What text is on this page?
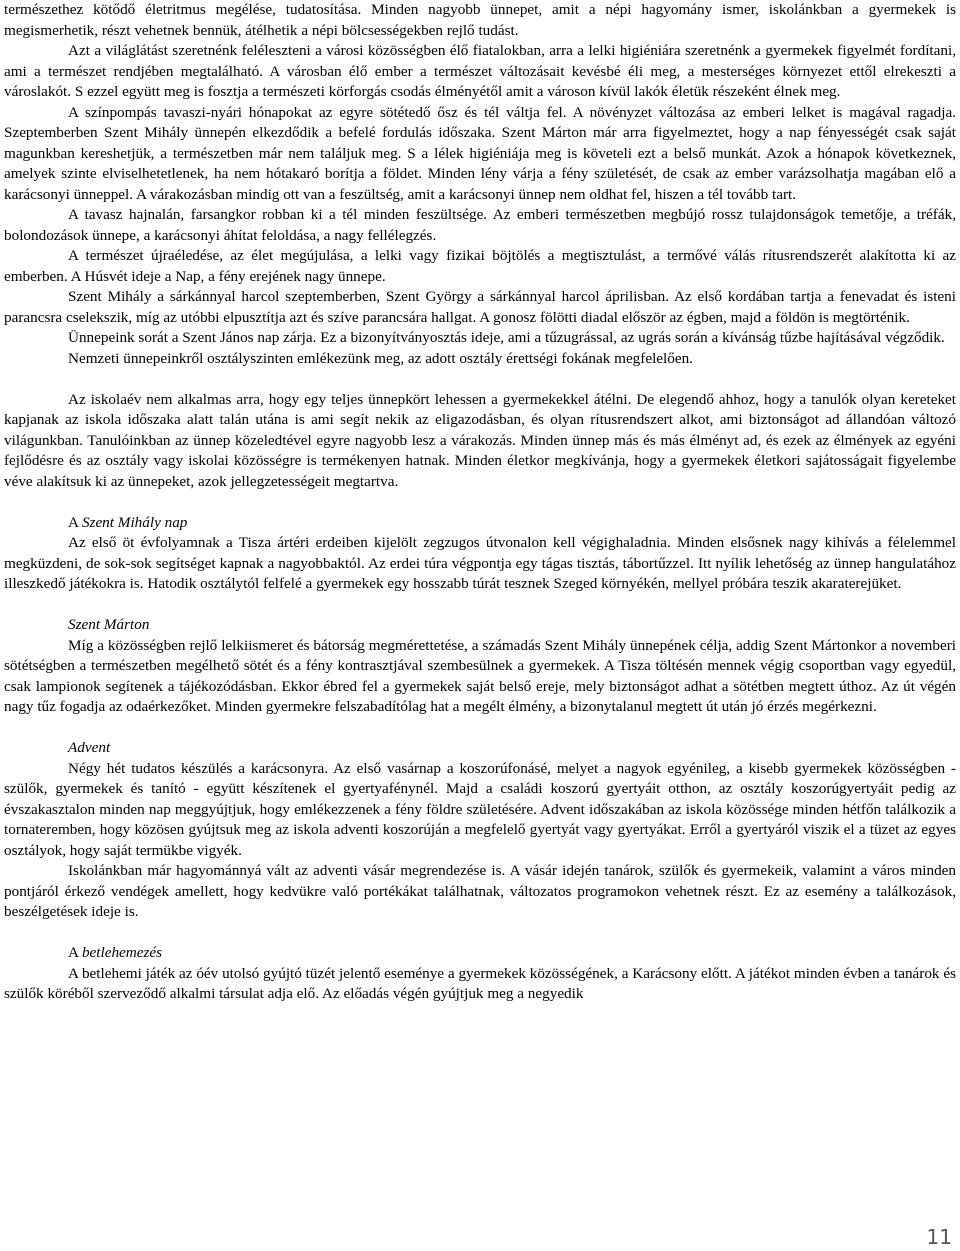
természethez kötődő életritmus megélése, tudatosítása. Minden nagyobb ünnepet, amit a népi hagyomány ismer, iskolánkban a gyermekek is megismerhetik, részt vehetnek bennük, átélhetik a népi bölcsességekben rejlő tudást.

Azt a világlátást szeretnénk feléleszteni a városi közösségben élő fiatalokban, arra a lelki higiéniára szeretnénk a gyermekek figyelmét fordítani, ami a természet rendjében megtalálható. A városban élő ember a természet változásait kevésbé éli meg, a mesterséges környezet ettől elrekeszti a városlakót. S ezzel együtt meg is fosztja a természeti körforgás csodás élményétől amit a városon kívül lakók életük részeként élnek meg.

A színpompás tavaszi-nyári hónapokat az egyre sötétedő ősz és tél váltja fel. A növényzet változása az emberi lelket is magával ragadja. Szeptemberben Szent Mihály ünnepén elkezdődik a befelé fordulás időszaka. Szent Márton már arra figyelmeztet, hogy a nap fényességét csak saját magunkban kereshetjük, a természetben már nem találjuk meg. S a lélek higiéniája meg is követeli ezt a belső munkát. Azok a hónapok következnek, amelyek szinte elviselhetetlenek, ha nem hótakaró borítja a földet. Minden lény várja a fény születését, de csak az ember varázsolhatja magában elő a karácsonyi ünneppel. A várakozásban mindig ott van a feszültség, amit a karácsonyi ünnep nem oldhat fel, hiszen a tél tovább tart.

A tavasz hajnalán, farsangkor robban ki a tél minden feszültsége. Az emberi természetben megbújó rossz tulajdonságok temetője, a tréfák, bolondozások ünnepe, a karácsonyi áhítat feloldása, a nagy fellélegzés.

A természet újraéledése, az élet megújulása, a lelki vagy fizikai böjtölés a megtisztulást, a termővé válás rítusrendszerét alakította ki az emberben. A Húsvét ideje a Nap, a fény erejének nagy ünnepe.

Szent Mihály a sárkánnyal harcol szeptemberben, Szent György a sárkánnyal harcol áprilisban. Az első kordában tartja a fenevadat és isteni parancsra cselekszik, míg az utóbbi elpusztítja azt és szíve parancsára hallgat. A gonosz fölötti diadal először az égben, majd a földön is megtörténik.

Ünnepeink sorát a Szent János nap zárja. Ez a bizonyítványosztás ideje, ami a tűzugrással, az ugrás során a kívánság tűzbe hajításával végződik.

Nemzeti ünnepeinkről osztályszinten emlékezünk meg, az adott osztály érettségi fokának megfelelően.

Az iskolaév nem alkalmas arra, hogy egy teljes ünnepkört lehessen a gyermekekkel átélni. De elegendő ahhoz, hogy a tanulók olyan kereteket kapjanak az iskola időszaka alatt talán utána is ami segít nekik az eligazodásban, és olyan rítusrendszert alkot, ami biztonságot ad állandóan változó világunkban. Tanulóinkban az ünnep közeledtével egyre nagyobb lesz a várakozás. Minden ünnep más és más élményt ad, és ezek az élmények az egyéni fejlődésre és az osztály vagy iskolai közösségre is termékenyen hatnak. Minden életkor megkívánja, hogy a gyermekek életkori sajátosságait figyelembe véve alakítsuk ki az ünnepeket, azok jellegzetességeit megtartva.

A Szent Mihály nap

Az első öt évfolyamnak a Tisza ártéri erdeiben kijelölt zegzugos útvonalon kell végighaladnia. Minden elsősnek nagy kihívás a félelemmel megküzdeni, de sok-sok segítséget kapnak a nagyobbaktól. Az erdei túra végpontja egy tágas tisztás, tábortűzzel. Itt nyílik lehetőség az ünnep hangulatához illeszkedő játékokra is. Hatodik osztálytól felfelé a gyermekek egy hosszabb túrát tesznek Szeged környékén, mellyel próbára teszik akaraterejüket.

Szent Márton

Míg a közösségben rejlő lelkiismeret és bátorság megmérettetése, a számadás Szent Mihály ünnepének célja, addig Szent Mártonkor a novemberi sötétségben a természetben megélhető sötét és a fény kontrasztjával szembesülnek a gyermekek. A Tisza töltésén mennek végig csoportban vagy egyedül, csak lampionok segítenek a tájékozódásban. Ekkor ébred fel a gyermekek saját belső ereje, mely biztonságot adhat a sötétben megtett úthoz. Az út végén nagy tűz fogadja az odaérkezőket. Minden gyermekre felszabadítólag hat a megélt élmény, a bizonytalanul megtett út után jó érzés megérkezni.

Advent

Négy hét tudatos készülés a karácsonyra. Az első vasárnap a koszorúfonásé, melyet a nagyok egyénileg, a kisebb gyermekek közösségben - szülők, gyermekek és tanító - együtt készítenek el gyertyafénynél. Majd a családi koszorú gyertyáit otthon, az osztály koszorúgyertyáit pedig az évszakasztalon minden nap meggyújtjuk, hogy emlékezzenek a fény földre születésére. Advent időszakában az iskola közössége minden hétfőn találkozik a tornateremben, hogy közösen gyújtsuk meg az iskola adventi koszorúján a megfelelő gyertyát vagy gyertyákat. Erről a gyertyáról viszik el a tüzet az egyes osztályok, hogy saját termükbe vigyék.

Iskolánkban már hagyománnyá vált az adventi vásár megrendezése is. A vásár idején tanárok, szülők és gyermekeik, valamint a város minden pontjáról érkező vendégek amellett, hogy kedvükre való portékákat találhatnak, változatos programokon vehetnek részt. Ez az esemény a találkozások, beszélgetések ideje is.

A betlehemezés

A betlehemi játék az óév utolsó gyújtó tüzét jelentő eseménye a gyermekek közösségének, a Karácsony előtt. A játékot minden évben a tanárok és szülők köréből szerveződő alkalmi társulat adja elő. Az előadás végén gyújtjuk meg a negyedik

11
